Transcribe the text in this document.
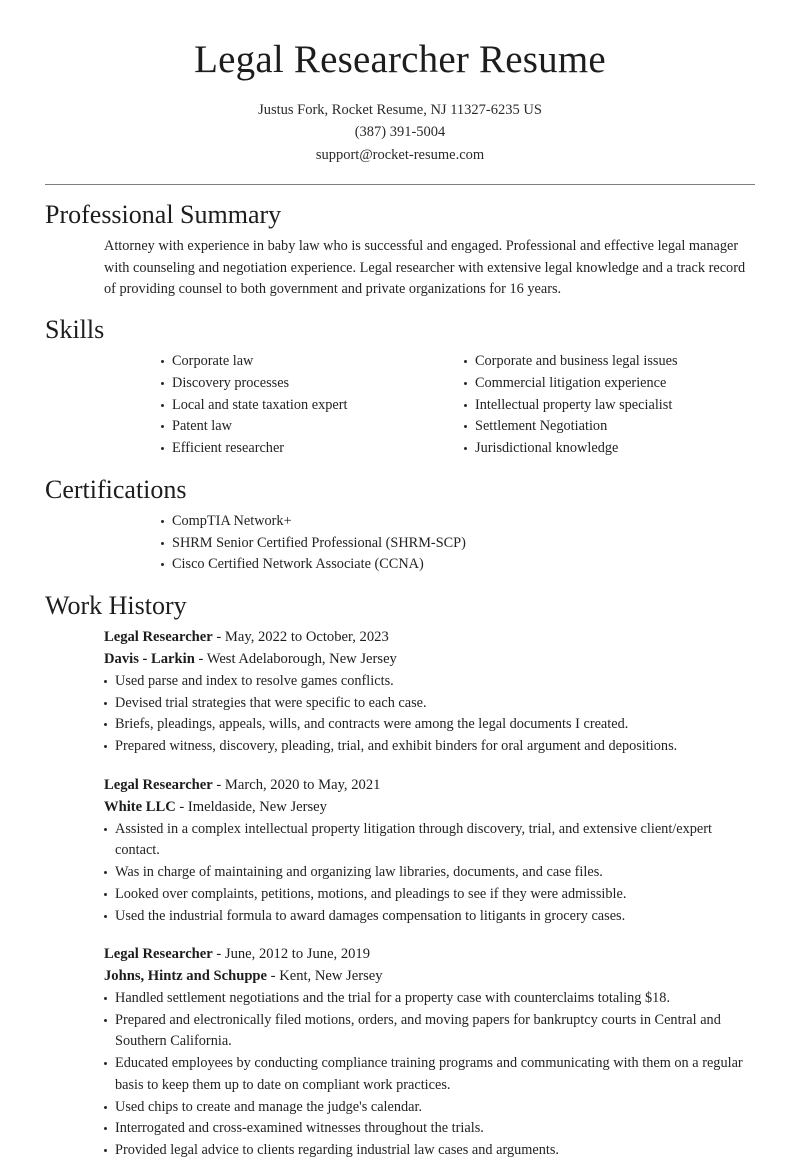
Legal Researcher Resume
Justus Fork, Rocket Resume, NJ 11327-6235 US
(387) 391-5004
support@rocket-resume.com
Professional Summary

Attorney with experience in baby law who is successful and engaged. Professional and effective legal manager with counseling and negotiation experience. Legal researcher with extensive legal knowledge and a track record of providing counsel to both government and private organizations for 16 years.

Skills
Corporate law
Discovery processes
Local and state taxation expert
Patent law
Efficient researcher
Corporate and business legal issues
Commercial litigation experience
Intellectual property law specialist
Settlement Negotiation
Jurisdictional knowledge
Certifications
CompTIA Network+
SHRM Senior Certified Professional (SHRM-SCP)
Cisco Certified Network Associate (CCNA)
Work History
Legal Researcher - May, 2022 to October, 2023
Davis - Larkin - West Adelaborough, New Jersey
Used parse and index to resolve games conflicts.
Devised trial strategies that were specific to each case.
Briefs, pleadings, appeals, wills, and contracts were among the legal documents I created.
Prepared witness, discovery, pleading, trial, and exhibit binders for oral argument and depositions.
Legal Researcher - March, 2020 to May, 2021
White LLC - Imeldaside, New Jersey
Assisted in a complex intellectual property litigation through discovery, trial, and extensive client/expert contact.
Was in charge of maintaining and organizing law libraries, documents, and case files.
Looked over complaints, petitions, motions, and pleadings to see if they were admissible.
Used the industrial formula to award damages compensation to litigants in grocery cases.
Legal Researcher - June, 2012 to June, 2019
Johns, Hintz and Schuppe - Kent, New Jersey
Handled settlement negotiations and the trial for a property case with counterclaims totaling $18.
Prepared and electronically filed motions, orders, and moving papers for bankruptcy courts in Central and Southern California.
Educated employees by conducting compliance training programs and communicating with them on a regular basis to keep them up to date on compliant work practices.
Used chips to create and manage the judge's calendar.
Interrogated and cross-examined witnesses throughout the trials.
Provided legal advice to clients regarding industrial law cases and arguments.
